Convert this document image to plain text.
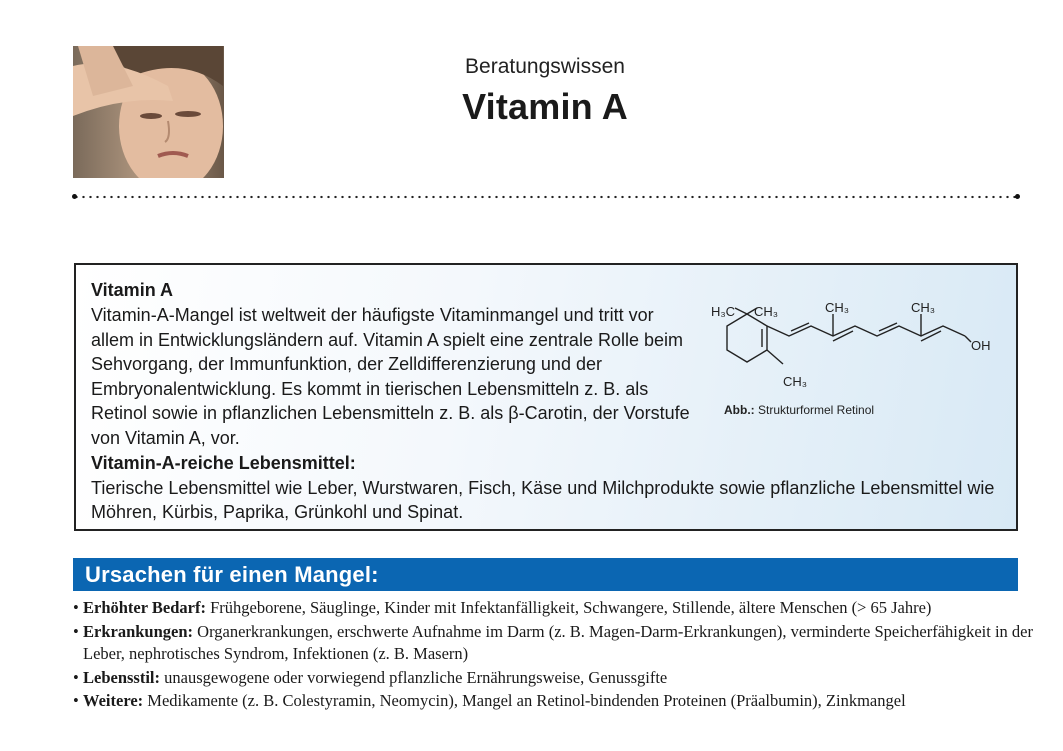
Beratungswissen
Vitamin A
Vitamin A
Vitamin-A-Mangel ist weltweit der häufigste Vitaminmangel und tritt vor allem in Entwicklungsländern auf. Vitamin A spielt eine zentrale Rolle beim Sehvorgang, der Immunfunktion, der Zelldifferenzierung und der Embryonalentwicklung. Es kommt in tierischen Lebensmitteln z. B. als Retinol sowie in pflanzlichen Lebensmitteln z. B. als β-Carotin, der Vorstufe von Vitamin A, vor.
Vitamin-A-reiche Lebensmittel:
Tierische Lebensmittel wie Leber, Wurstwaren, Fisch, Käse und Milchprodukte sowie pflanzliche Lebensmittel wie Möhren, Kürbis, Paprika, Grünkohl und Spinat.
H₃C CH₃	CH₃	CH₃
CH₃
OH
Abb.: Strukturformel Retinol
Ursachen für einen Mangel:
• Erhöhter Bedarf: Frühgeborene, Säuglinge, Kinder mit Infektanfälligkeit, Schwangere, Stillende, ältere Menschen (> 65 Jahre)
• Erkrankungen: Organerkrankungen, erschwerte Aufnahme im Darm (z. B. Magen-Darm-Erkrankungen), verminderte Speicherfähigkeit in der Leber, nephrotisches Syndrom, Infektionen (z. B. Masern)
• Lebensstil: unausgewogene oder vorwiegend pflanzliche Ernährungsweise, Genussgifte
• Weitere: Medikamente (z. B. Colestyramin, Neomycin), Mangel an Retinol-bindenden Proteinen (Präalbumin), Zinkmangel
